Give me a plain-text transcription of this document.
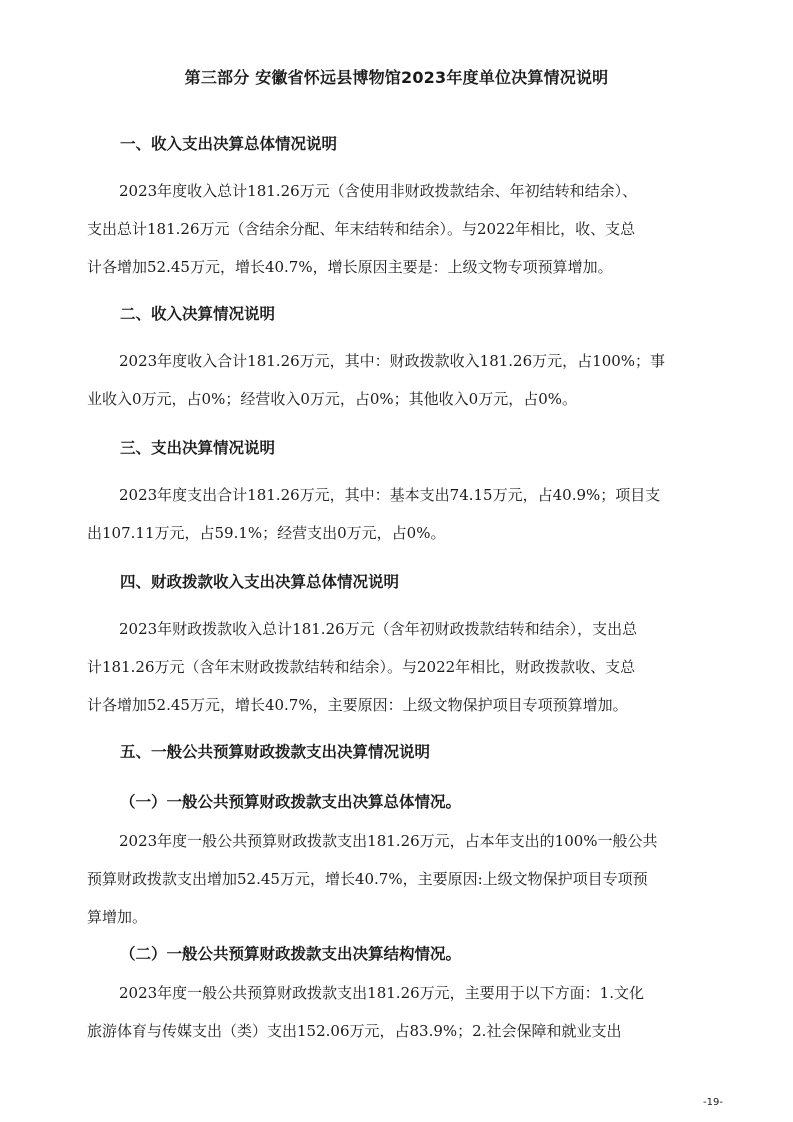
第三部分 安徽省怀远县博物馆2023年度单位决算情况说明
一、收入支出决算总体情况说明
2023年度收入总计181.26万元（含使用非财政拨款结余、年初结转和结余）、
支出总计181.26万元（含结余分配、年末结转和结余）。与2022年相比，收、支总
计各增加52.45万元，增长40.7%，增长原因主要是：上级文物专项预算增加。
二、收入决算情况说明
2023年度收入合计181.26万元，其中：财政拨款收入181.26万元，占100%；事
业收入0万元，占0%；经营收入0万元，占0%；其他收入0万元，占0%。
三、支出决算情况说明
2023年度支出合计181.26万元，其中：基本支出74.15万元，占40.9%；项目支
出107.11万元，占59.1%；经营支出0万元，占0%。
四、财政拨款收入支出决算总体情况说明
2023年财政拨款收入总计181.26万元（含年初财政拨款结转和结余），支出总
计181.26万元（含年末财政拨款结转和结余）。与2022年相比，财政拨款收、支总
计各增加52.45万元，增长40.7%，主要原因：上级文物保护项目专项预算增加。
五、一般公共预算财政拨款支出决算情况说明
（一）一般公共预算财政拨款支出决算总体情况。
2023年度一般公共预算财政拨款支出181.26万元，占本年支出的100%一般公共
预算财政拨款支出增加52.45万元，增长40.7%，主要原因:上级文物保护项目专项预
算增加。
（二）一般公共预算财政拨款支出决算结构情况。
2023年度一般公共预算财政拨款支出181.26万元，主要用于以下方面：1.文化
旅游体育与传媒支出（类）支出152.06万元，占83.9%；2.社会保障和就业支出
-19-
